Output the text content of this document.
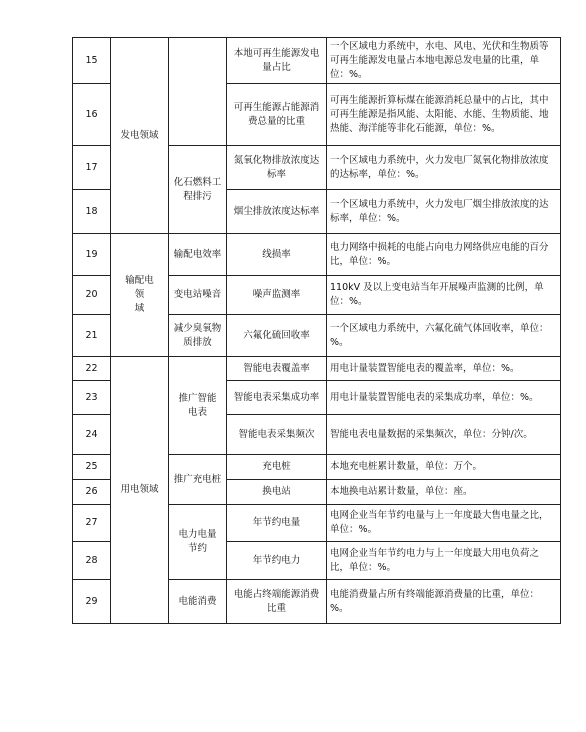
15	发电领域		本地可再生能源发电
量占比	一个区域电力系统中，水电、风电、光伏和生物质等可再生能源发电量占本地电源总发电量的比重，单位：%。
16			可再生能源占能源消
费总量的比重	可再生能源折算标煤在能源消耗总量中的占比，其中可再生能源是指风能、太阳能、水能、生物质能、地热能、海洋能等非化石能源，单位：%。
17		化石燃料工
程排污	氮氧化物排放浓度达
标率	一个区域电力系统中，火力发电厂氮氧化物排放浓度的达标率，单位：%。
18			烟尘排放浓度达标率	一个区域电力系统中，火力发电厂烟尘排放浓度的达标率，单位：%。
19	输配电
领
域	输配电效率	线损率	电力网络中损耗的电能占向电力网络供应电能的百分比，单位：%。
20		变电站噪音	噪声监测率	110kV 及以上变电站当年开展噪声监测的比例，单位：%。
21		减少臭氧物
质排放	六氟化硫回收率	一个区域电力系统中，六氟化硫气体回收率，单位：%。
22	用电领域	推广智能
电表	智能电表覆盖率	用电计量装置智能电表的覆盖率，单位：%。
23			智能电表采集成功率	用电计量装置智能电表的采集成功率，单位：%。
24			智能电表采集频次	智能电表电量数据的采集频次，单位：分钟/次。
25		推广充电桩	充电桩	本地充电桩累计数量，单位：万个。
26			换电站	本地换电站累计数量，单位：座。
27		电力电量
节约	年节约电量	电网企业当年节约电量与上一年度最大售电量之比，单位：%。
28			年节约电力	电网企业当年节约电力与上一年度最大用电负荷之比，单位：%。
29		电能消费	电能占终端能源消费
比重	电能消费量占所有终端能源消费量的比重，单位：%。
